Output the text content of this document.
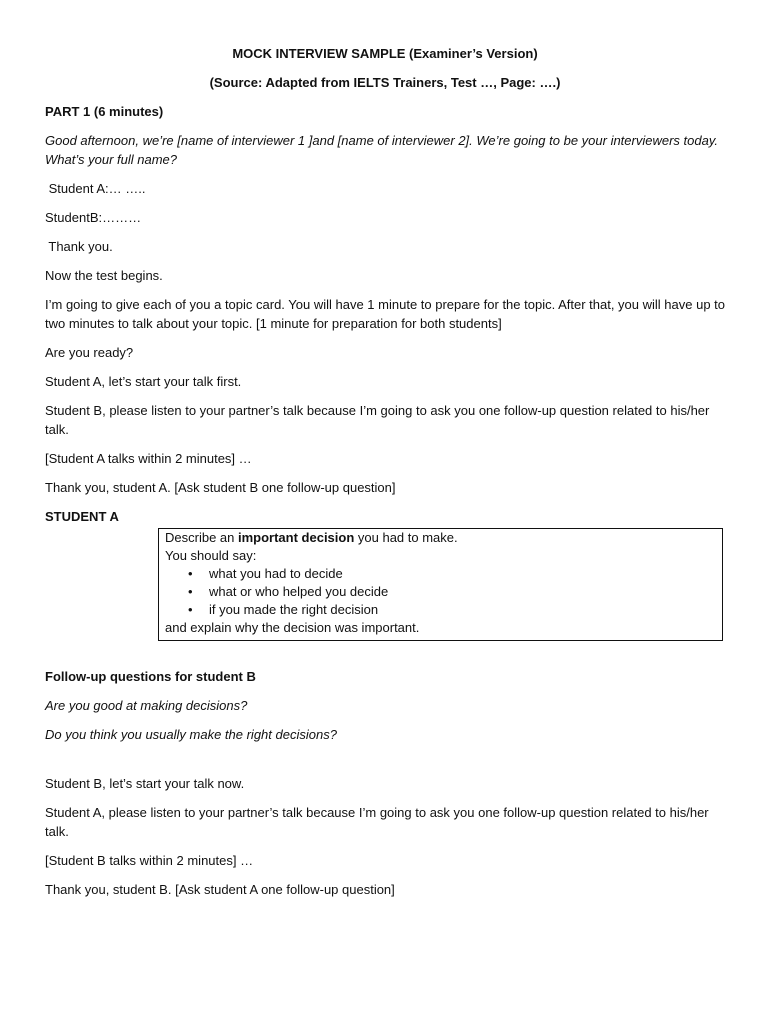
MOCK INTERVIEW SAMPLE (Examiner’s Version)

(Source: Adapted from IELTS Trainers, Test …, Page: ….)

PART 1 (6 minutes)

Good afternoon, we’re [name of interviewer 1 ]and [name of interviewer 2]. We’re going to be your interviewers today. What’s your full name?

Student A:… …..

StudentB:………

Thank you.

Now the test begins.

I’m going to give each of you a topic card. You will have 1 minute to prepare for the topic. After that, you will have up to two minutes to talk about your topic. [1 minute for preparation for both students]

Are you ready?

Student A, let’s start your talk first.

Student B, please listen to your partner’s talk because I’m going to ask you one follow-up question related to his/her talk.

[Student A talks within 2 minutes] …

Thank you, student A. [Ask student B one follow-up question]

STUDENT A

Describe an important decision you had to make.
You should say:
• what you had to decide
• what or who helped you decide
• if you made the right decision
and explain why the decision was important.

Follow-up questions for student B

Are you good at making decisions?

Do you think you usually make the right decisions?

Student B, let’s start your talk now.

Student A, please listen to your partner’s talk because I’m going to ask you one follow-up question related to his/her talk.

[Student B talks within 2 minutes] …

Thank you, student B. [Ask student A one follow-up question]
